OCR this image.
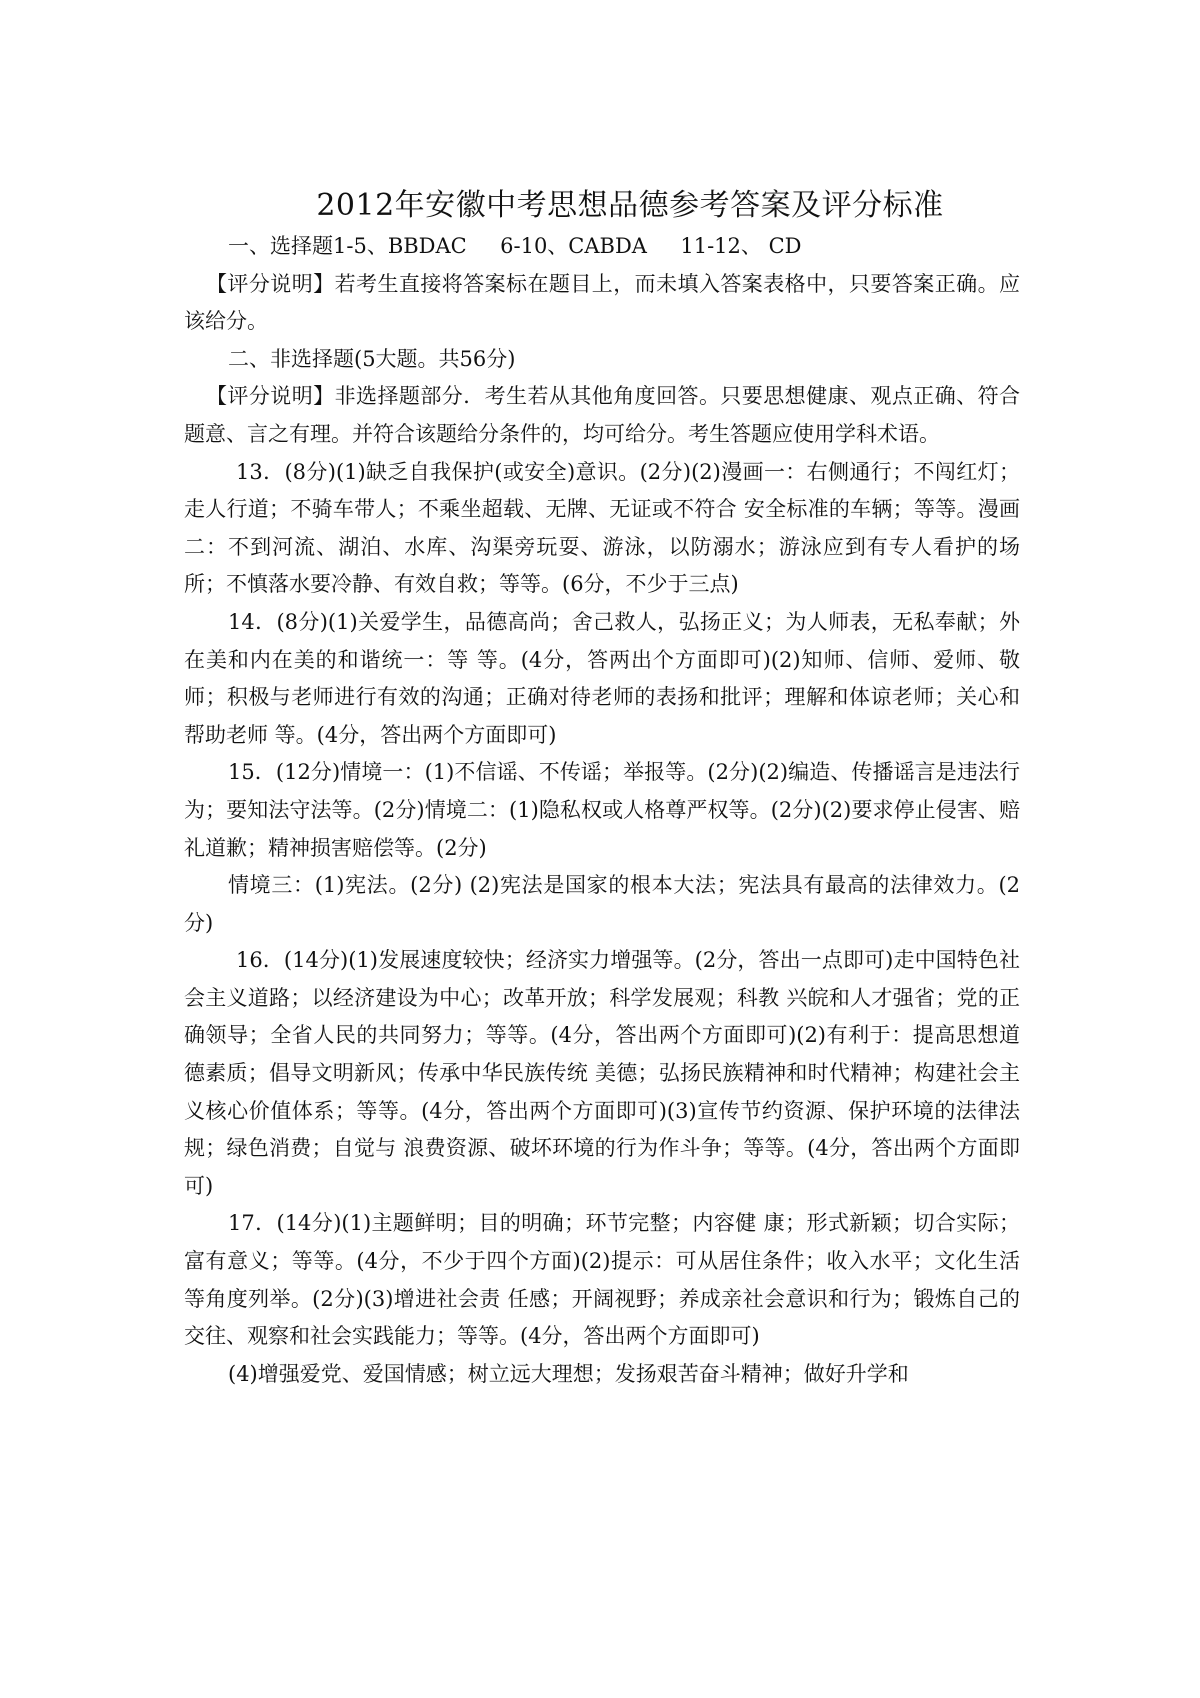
2012年安徽中考思想品德参考答案及评分标准

一、选择题1-5、BBDAC     6-10、CABDA     11-12、 CD

【评分说明】若考生直接将答案标在题目上，而未填入答案表格中，只要答案正确。应该给分。

二、非选择题(5大题。共56分)

【评分说明】非选择题部分．考生若从其他角度回答。只要思想健康、观点正确、符合题意、言之有理。并符合该题给分条件的，均可给分。考生答题应使用学科术语。

13．(8分)(1)缺乏自我保护(或安全)意识。(2分)(2)漫画一：右侧通行；不闯红灯；走人行道；不骑车带人；不乘坐超载、无牌、无证或不符合 安全标准的车辆；等等。漫画二：不到河流、湖泊、水库、沟渠旁玩耍、游泳，以防溺水；游泳应到有专人看护的场所；不慎落水要冷静、有效自救；等等。(6分，不少于三点)

14．(8分)(1)关爱学生，品德高尚；舍己救人，弘扬正义；为人师表，无私奉献；外在美和内在美的和谐统一：等 等。(4分，答两出个方面即可)(2)知师、信师、爱师、敬师；积极与老师进行有效的沟通；正确对待老师的表扬和批评；理解和体谅老师；关心和帮助老师 等。(4分，答出两个方面即可)

15．(12分)情境一：(1)不信谣、不传谣；举报等。(2分)(2)编造、传播谣言是违法行为；要知法守法等。(2分)情境二：(1)隐私权或人格尊严权等。(2分)(2)要求停止侵害、赔礼道歉；精神损害赔偿等。(2分)

情境三：(1)宪法。(2分) (2)宪法是国家的根本大法；宪法具有最高的法律效力。(2分)

16．(14分)(1)发展速度较快；经济实力增强等。(2分，答出一点即可)走中国特色社会主义道路；以经济建设为中心；改革开放；科学发展观；科教 兴皖和人才强省；党的正确领导；全省人民的共同努力；等等。(4分，答出两个方面即可)(2)有利于：提高思想道德素质；倡导文明新风；传承中华民族传统 美德；弘扬民族精神和时代精神；构建社会主义核心价值体系；等等。(4分，答出两个方面即可)(3)宣传节约资源、保护环境的法律法规；绿色消费；自觉与 浪费资源、破坏环境的行为作斗争；等等。(4分，答出两个方面即可)

17．(14分)(1)主题鲜明；目的明确；环节完整；内容健 康；形式新颖；切合实际；富有意义；等等。(4分，不少于四个方面)(2)提示：可从居住条件；收入水平；文化生活等角度列举。(2分)(3)增进社会责 任感；开阔视野；养成亲社会意识和行为；锻炼自己的交往、观察和社会实践能力；等等。(4分，答出两个方面即可)

(4)增强爱党、爱国情感；树立远大理想；发扬艰苦奋斗精神；做好升学和
